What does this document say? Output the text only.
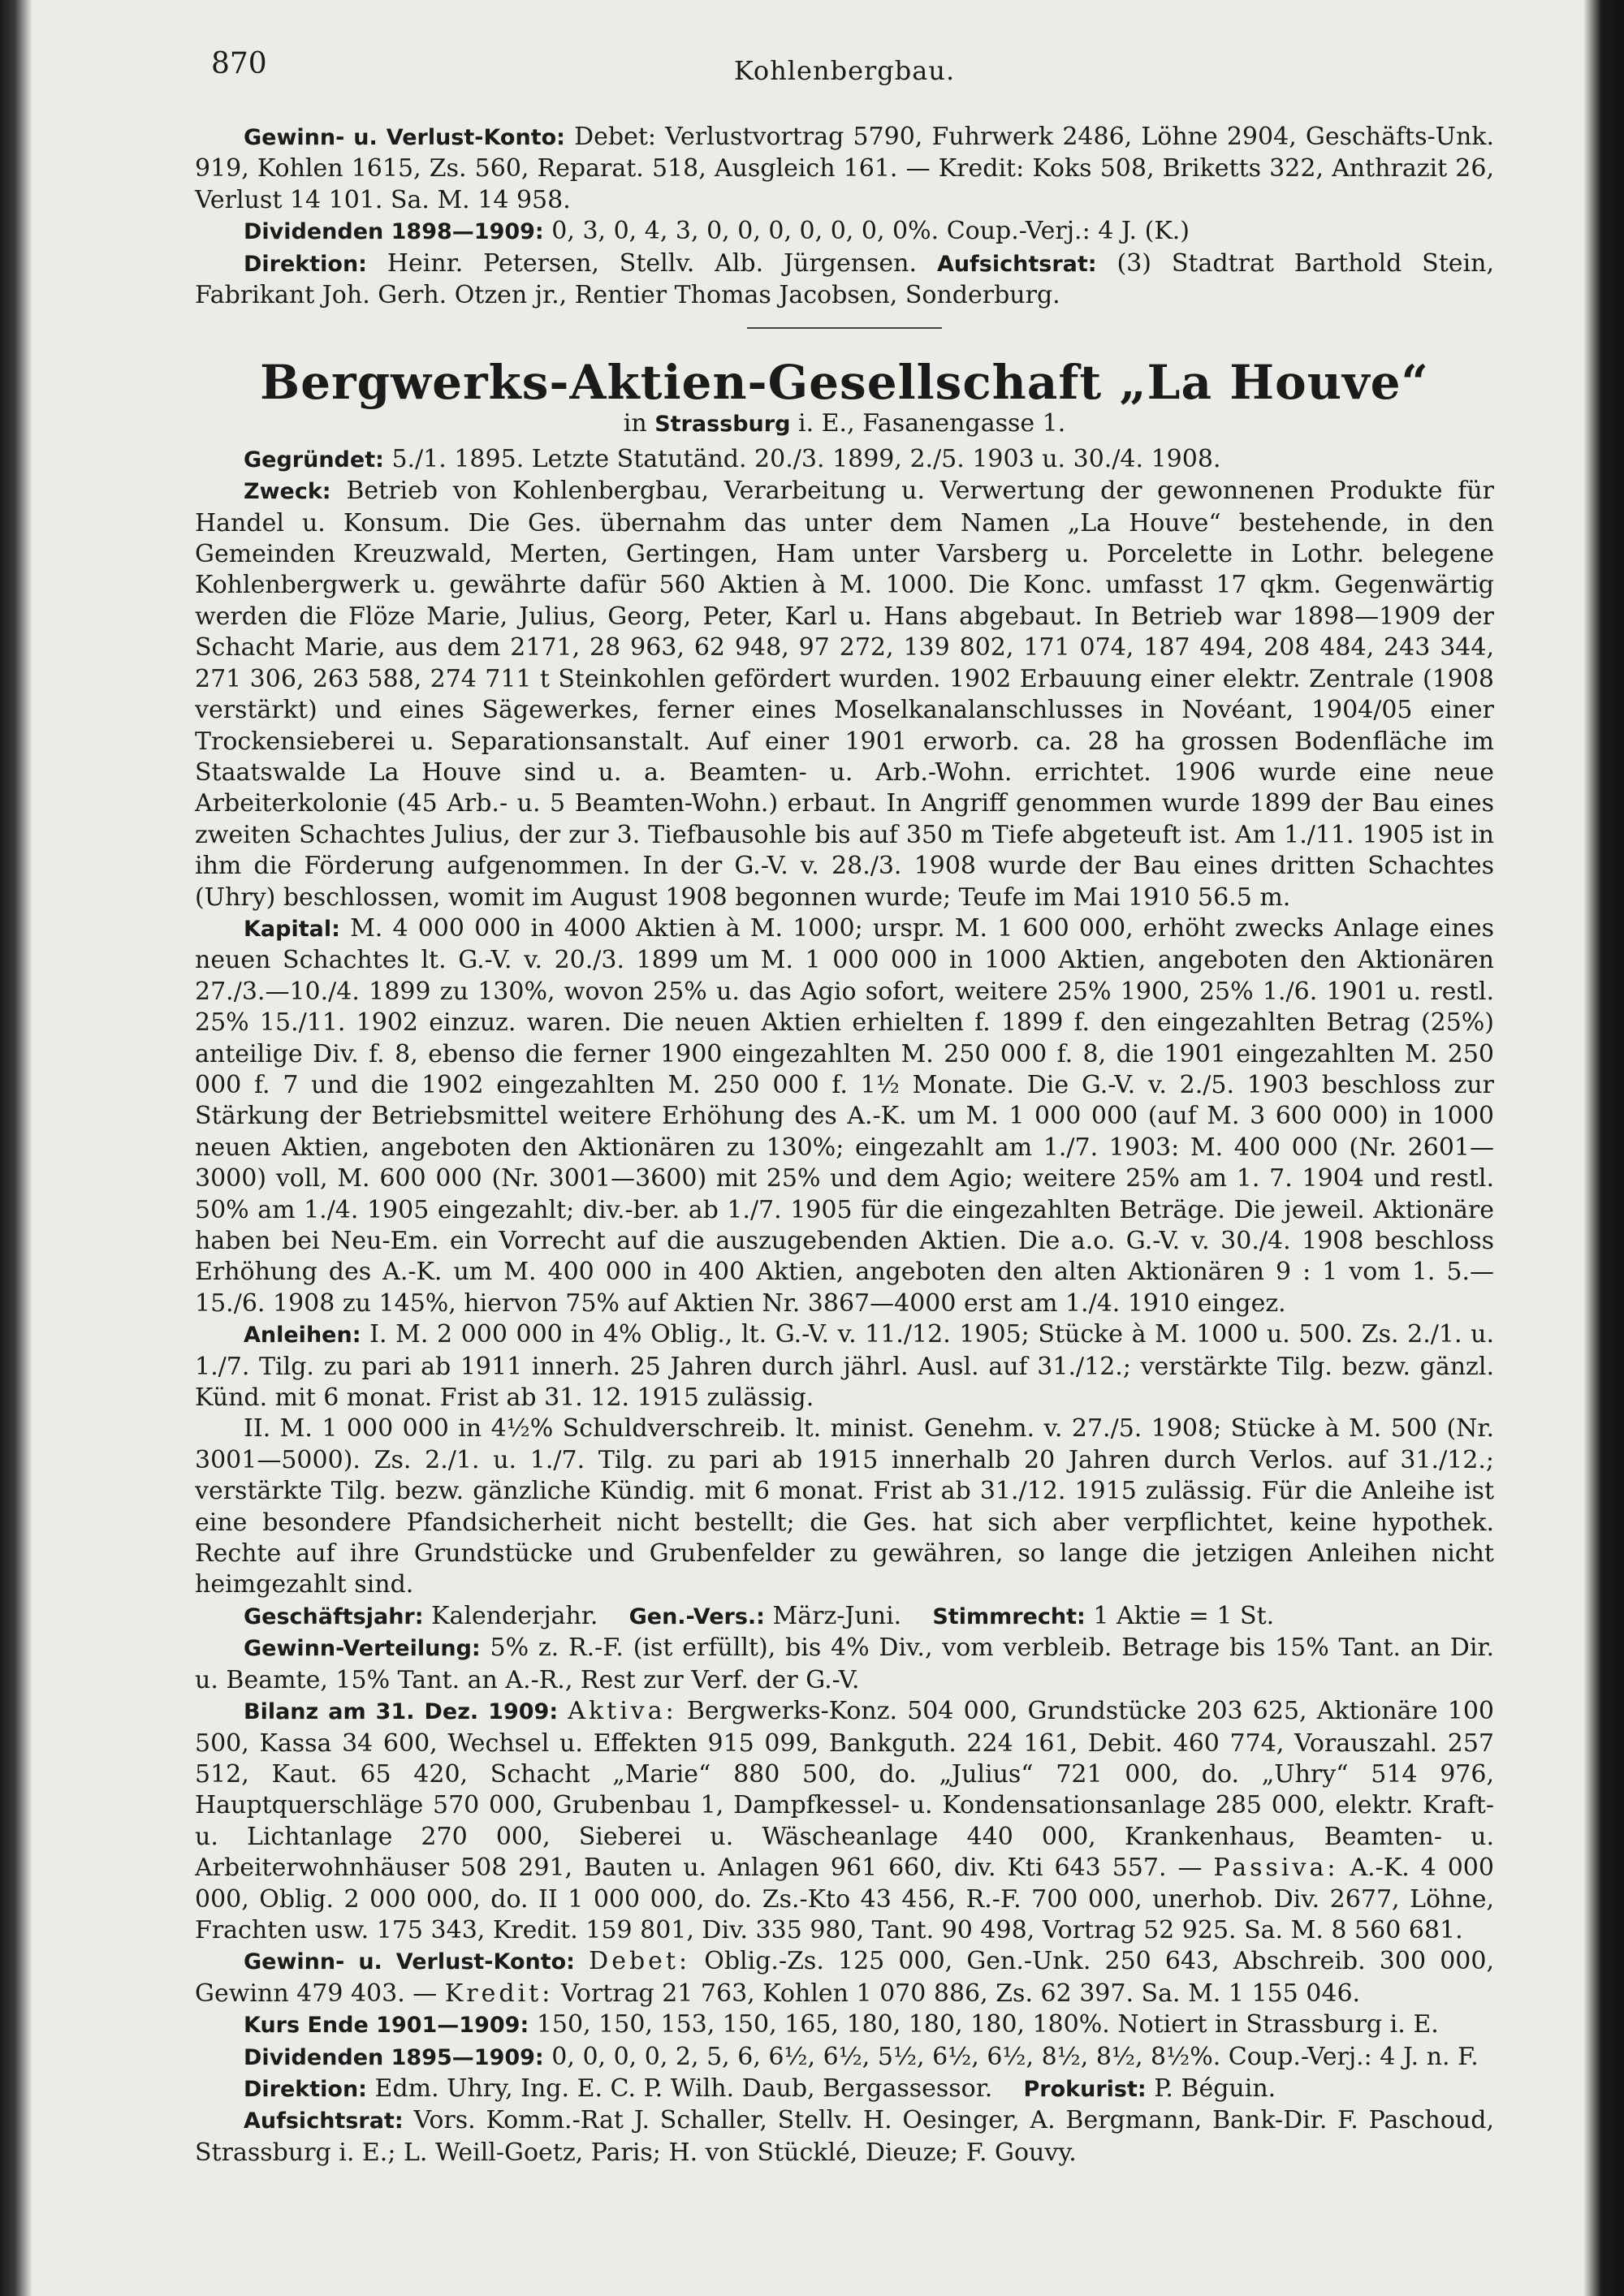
870	Kohlenbergbau.

Gewinn- u. Verlust-Konto: Debet: Verlustvortrag 5790, Fuhrwerk 2486, Löhne 2904, Geschäfts-Unk. 919, Kohlen 1615, Zs. 560, Reparat. 518, Ausgleich 161. — Kredit: Koks 508, Briketts 322, Anthrazit 26, Verlust 14 101. Sa. M. 14 958.

Dividenden 1898—1909: 0, 3, 0, 4, 3, 0, 0, 0, 0, 0, 0, 0%. Coup.-Verj.: 4 J. (K.)

Direktion: Heinr. Petersen, Stellv. Alb. Jürgensen. Aufsichtsrat: (3) Stadtrat Barthold Stein, Fabrikant Joh. Gerh. Otzen jr., Rentier Thomas Jacobsen, Sonderburg.

Bergwerks-Aktien-Gesellschaft „La Houve“
in Strassburg i. E., Fasanengasse 1.

Gegründet: 5./1. 1895. Letzte Statutänd. 20./3. 1899, 2./5. 1903 u. 30./4. 1908.

Zweck: Betrieb von Kohlenbergbau, Verarbeitung u. Verwertung der gewonnenen Produkte für Handel u. Konsum. Die Ges. übernahm das unter dem Namen „La Houve“ bestehende, in den Gemeinden Kreuzwald, Merten, Gertingen, Ham unter Varsberg u. Porcelette in Lothr. belegene Kohlenbergwerk u. gewährte dafür 560 Aktien à M. 1000. Die Konc. umfasst 17 qkm. Gegenwärtig werden die Flöze Marie, Julius, Georg, Peter, Karl u. Hans abgebaut. In Betrieb war 1898—1909 der Schacht Marie, aus dem 2171, 28 963, 62 948, 97 272, 139 802, 171 074, 187 494, 208 484, 243 344, 271 306, 263 588, 274 711 t Steinkohlen gefördert wurden. 1902 Erbauung einer elektr. Zentrale (1908 verstärkt) und eines Sägewerkes, ferner eines Moselkanalanschlusses in Novéant, 1904/05 einer Trockensieberei u. Separationsanstalt. Auf einer 1901 erworb. ca. 28 ha grossen Bodenfläche im Staatswalde La Houve sind u. a. Beamten- u. Arb.-Wohn. errichtet. 1906 wurde eine neue Arbeiterkolonie (45 Arb.- u. 5 Beamten-Wohn.) erbaut. In Angriff genommen wurde 1899 der Bau eines zweiten Schachtes Julius, der zur 3. Tiefbausohle bis auf 350 m Tiefe abgeteuft ist. Am 1./11. 1905 ist in ihm die Förderung aufgenommen. In der G.-V. v. 28./3. 1908 wurde der Bau eines dritten Schachtes (Uhry) beschlossen, womit im August 1908 begonnen wurde; Teufe im Mai 1910 56.5 m.

Kapital: M. 4 000 000 in 4000 Aktien à M. 1000; urspr. M. 1 600 000, erhöht zwecks Anlage eines neuen Schachtes lt. G.-V. v. 20./3. 1899 um M. 1 000 000 in 1000 Aktien, angeboten den Aktionären 27./3.—10./4. 1899 zu 130%, wovon 25% u. das Agio sofort, weitere 25% 1900, 25% 1./6. 1901 u. restl. 25% 15./11. 1902 einzuz. waren. Die neuen Aktien erhielten f. 1899 f. den eingezahlten Betrag (25%) anteilige Div. f. 8, ebenso die ferner 1900 eingezahlten M. 250 000 f. 8, die 1901 eingezahlten M. 250 000 f. 7 und die 1902 eingezahlten M. 250 000 f. 1½ Monate. Die G.-V. v. 2./5. 1903 beschloss zur Stärkung der Betriebsmittel weitere Erhöhung des A.-K. um M. 1 000 000 (auf M. 3 600 000) in 1000 neuen Aktien, angeboten den Aktionären zu 130%; eingezahlt am 1./7. 1903: M. 400 000 (Nr. 2601—3000) voll, M. 600 000 (Nr. 3001—3600) mit 25% und dem Agio; weitere 25% am 1. 7. 1904 und restl. 50% am 1./4. 1905 eingezahlt; div.-ber. ab 1./7. 1905 für die eingezahlten Beträge. Die jeweil. Aktionäre haben bei Neu-Em. ein Vorrecht auf die auszugebenden Aktien. Die a.o. G.-V. v. 30./4. 1908 beschloss Erhöhung des A.-K. um M. 400 000 in 400 Aktien, angeboten den alten Aktionären 9 : 1 vom 1. 5.—15./6. 1908 zu 145%, hiervon 75% auf Aktien Nr. 3867—4000 erst am 1./4. 1910 eingez.

Anleihen: I. M. 2 000 000 in 4% Oblig., lt. G.-V. v. 11./12. 1905; Stücke à M. 1000 u. 500. Zs. 2./1. u. 1./7. Tilg. zu pari ab 1911 innerh. 25 Jahren durch jährl. Ausl. auf 31./12.; verstärkte Tilg. bezw. gänzl. Künd. mit 6 monat. Frist ab 31. 12. 1915 zulässig.

II. M. 1 000 000 in 4½% Schuldverschreib. lt. minist. Genehm. v. 27./5. 1908; Stücke à M. 500 (Nr. 3001—5000). Zs. 2./1. u. 1./7. Tilg. zu pari ab 1915 innerhalb 20 Jahren durch Verlos. auf 31./12.; verstärkte Tilg. bezw. gänzliche Kündig. mit 6 monat. Frist ab 31./12. 1915 zulässig. Für die Anleihe ist eine besondere Pfandsicherheit nicht bestellt; die Ges. hat sich aber verpflichtet, keine hypothek. Rechte auf ihre Grundstücke und Grubenfelder zu gewähren, so lange die jetzigen Anleihen nicht heimgezahlt sind.

Geschäftsjahr: Kalenderjahr. Gen.-Vers.: März-Juni. Stimmrecht: 1 Aktie = 1 St.

Gewinn-Verteilung: 5% z. R.-F. (ist erfüllt), bis 4% Div., vom verbleib. Betrage bis 15% Tant. an Dir. u. Beamte, 15% Tant. an A.-R., Rest zur Verf. der G.-V.

Bilanz am 31. Dez. 1909: Aktiva: Bergwerks-Konz. 504 000, Grundstücke 203 625, Aktionäre 100 500, Kassa 34 600, Wechsel u. Effekten 915 099, Bankguth. 224 161, Debit. 460 774, Vorauszahl. 257 512, Kaut. 65 420, Schacht „Marie“ 880 500, do. „Julius“ 721 000, do. „Uhry“ 514 976, Hauptquerschläge 570 000, Grubenbau 1, Dampfkessel- u. Kondensationsanlage 285 000, elektr. Kraft- u. Lichtanlage 270 000, Sieberei u. Wäscheanlage 440 000, Krankenhaus, Beamten- u. Arbeiterwohnhäuser 508 291, Bauten u. Anlagen 961 660, div. Kti 643 557. — Passiva: A.-K. 4 000 000, Oblig. 2 000 000, do. II 1 000 000, do. Zs.-Kto 43 456, R.-F. 700 000, unerhob. Div. 2677, Löhne, Frachten usw. 175 343, Kredit. 159 801, Div. 335 980, Tant. 90 498, Vortrag 52 925. Sa. M. 8 560 681.

Gewinn- u. Verlust-Konto: Debet: Oblig.-Zs. 125 000, Gen.-Unk. 250 643, Abschreib. 300 000, Gewinn 479 403. — Kredit: Vortrag 21 763, Kohlen 1 070 886, Zs. 62 397. Sa. M. 1 155 046.

Kurs Ende 1901—1909: 150, 150, 153, 150, 165, 180, 180, 180, 180%. Notiert in Strassburg i. E.

Dividenden 1895—1909: 0, 0, 0, 0, 2, 5, 6, 6½, 6½, 5½, 6½, 6½, 8½, 8½, 8½%. Coup.-Verj.: 4 J. n. F.

Direktion: Edm. Uhry, Ing. E. C. P. Wilh. Daub, Bergassessor. Prokurist: P. Béguin.

Aufsichtsrat: Vors. Komm.-Rat J. Schaller, Stellv. H. Oesinger, A. Bergmann, Bank-Dir. F. Paschoud, Strassburg i. E.; L. Weill-Goetz, Paris; H. von Stücklé, Dieuze; F. Gouvy.
